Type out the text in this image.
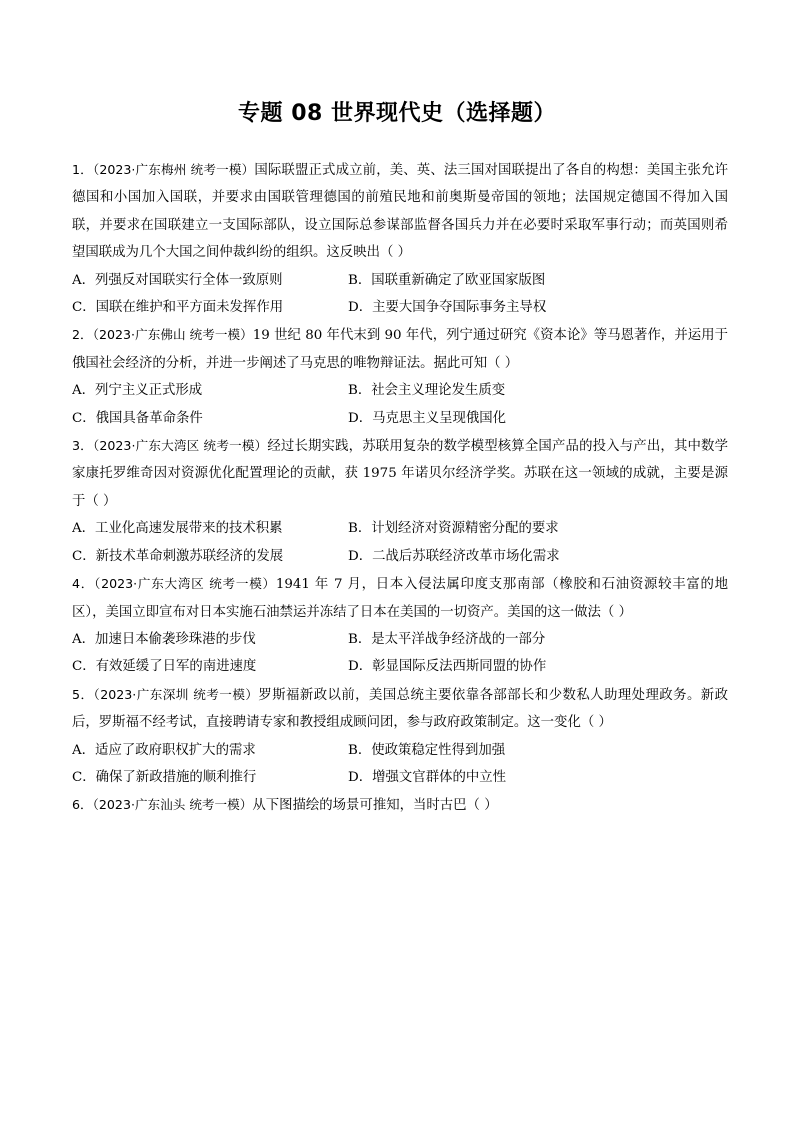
专题 08 世界现代史（选择题）
1．（2023·广东梅州 统考一模）国际联盟正式成立前，美、英、法三国对国联提出了各自的构想：美国主张允许德国和小国加入国联，并要求由国联管理德国的前殖民地和前奥斯曼帝国的领地；法国规定德国不得加入国联，并要求在国联建立一支国际部队，设立国际总参谋部监督各国兵力并在必要时采取军事行动；而英国则希望国联成为几个大国之间仲裁纠纷的组织。这反映出（ ）
A．列强反对国联实行全体一致原则	B．国联重新确定了欧亚国家版图
C．国联在维护和平方面未发挥作用	D．主要大国争夺国际事务主导权
2．（2023·广东佛山 统考一模）19 世纪 80 年代末到 90 年代，列宁通过研究《资本论》等马恩著作，并运用于俄国社会经济的分析，并进一步阐述了马克思的唯物辩证法。据此可知（ ）
A．列宁主义正式形成	B．社会主义理论发生质变
C．俄国具备革命条件	D．马克思主义呈现俄国化
3．（2023·广东大湾区 统考一模）经过长期实践，苏联用复杂的数学模型核算全国产品的投入与产出，其中数学家康托罗维奇因对资源优化配置理论的贡献，获 1975 年诺贝尔经济学奖。苏联在这一领域的成就，主要是源于（ ）
A．工业化高速发展带来的技术积累	B．计划经济对资源精密分配的要求
C．新技术革命刺激苏联经济的发展	D．二战后苏联经济改革市场化需求
4．（2023·广东大湾区 统考一模）1941 年 7 月，日本入侵法属印度支那南部（橡胶和石油资源较丰富的地区），美国立即宣布对日本实施石油禁运并冻结了日本在美国的一切资产。美国的这一做法（ ）
A．加速日本偷袭珍珠港的步伐	B．是太平洋战争经济战的一部分
C．有效延缓了日军的南进速度	D．彰显国际反法西斯同盟的协作
5．（2023·广东深圳 统考一模）罗斯福新政以前，美国总统主要依靠各部部长和少数私人助理处理政务。新政后，罗斯福不经考试，直接聘请专家和教授组成顾问团，参与政府政策制定。这一变化（ ）
A．适应了政府职权扩大的需求	B．使政策稳定性得到加强
C．确保了新政措施的顺利推行	D．增强文官群体的中立性
6．（2023·广东汕头 统考一模）从下图描绘的场景可推知，当时古巴（ ）
